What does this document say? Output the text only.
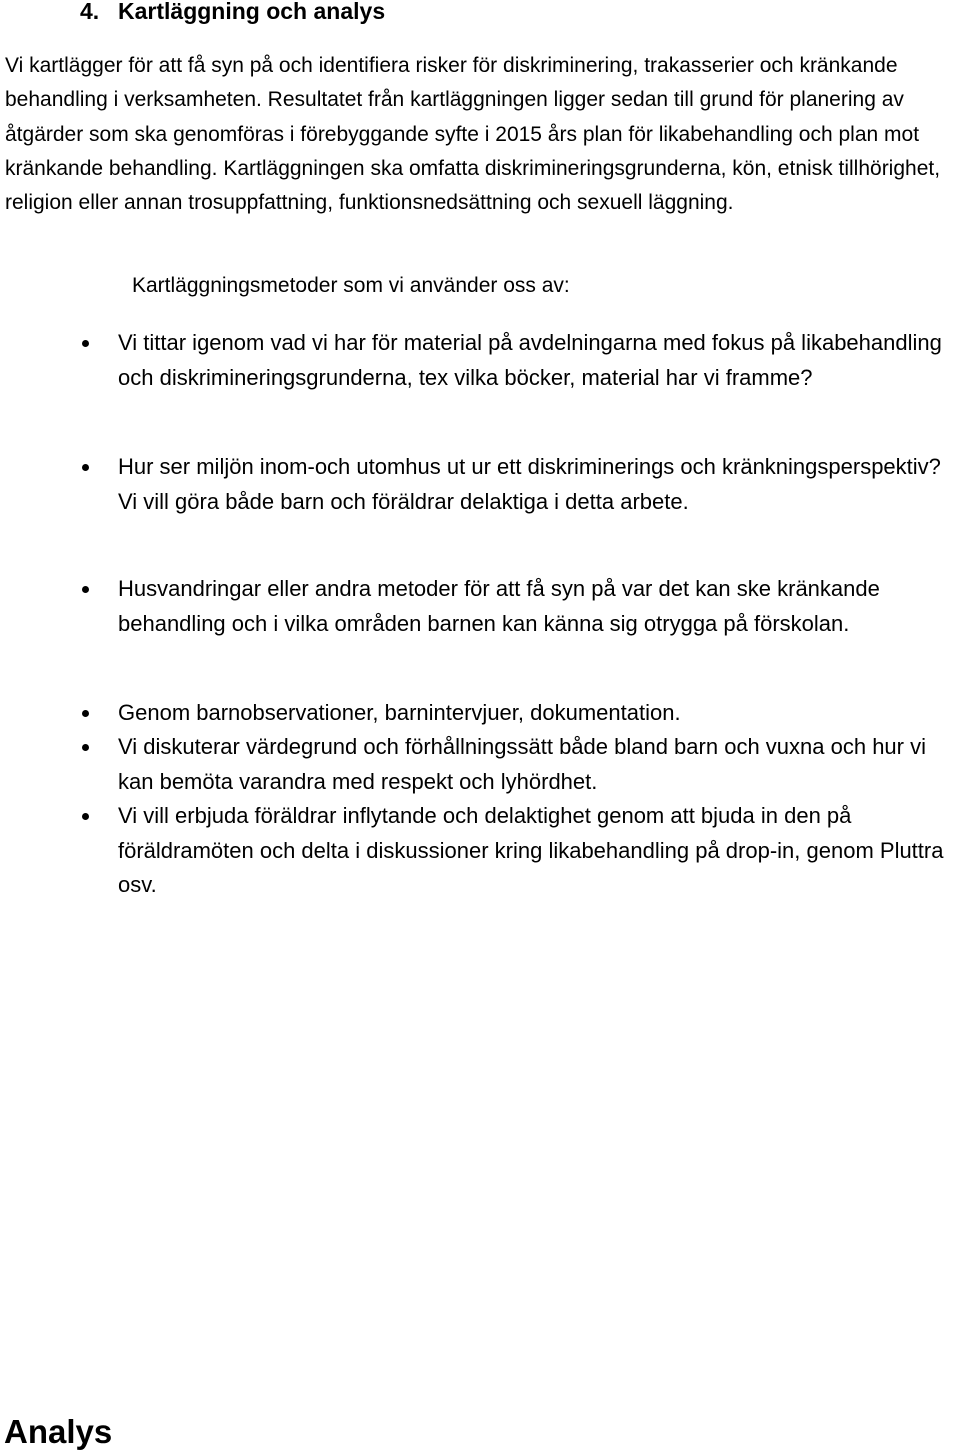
4. Kartläggning och analys

Vi kartlägger för att få syn på och identifiera risker för diskriminering, trakasserier och kränkande behandling i verksamheten. Resultatet från kartläggningen ligger sedan till grund för planering av åtgärder som ska genomföras i förebyggande syfte i 2015 års plan för likabehandling och plan mot kränkande behandling. Kartläggningen ska omfatta diskrimineringsgrunderna, kön, etnisk tillhörighet, religion eller annan trosuppfattning, funktionsnedsättning och sexuell läggning.

Kartläggningsmetoder som vi använder oss av:
Vi tittar igenom vad vi har för material på avdelningarna med fokus på likabehandling och diskrimineringsgrunderna, tex vilka böcker, material har vi framme?
Hur ser miljön inom-och utomhus ut ur ett diskriminerings och kränkningsperspektiv? Vi vill göra både barn och föräldrar delaktiga i detta arbete.
Husvandringar eller andra metoder för att få syn på var det kan ske kränkande behandling och i vilka områden barnen kan känna sig otrygga på förskolan.
Genom barnobservationer, barnintervjuer, dokumentation.
Vi diskuterar värdegrund och förhållningssätt både bland barn och vuxna och hur vi kan bemöta varandra med respekt och lyhördhet.
Vi vill erbjuda föräldrar inflytande och delaktighet genom att bjuda in den på föräldramöten och delta i diskussioner kring likabehandling på drop-in, genom Pluttra osv.
Analys
